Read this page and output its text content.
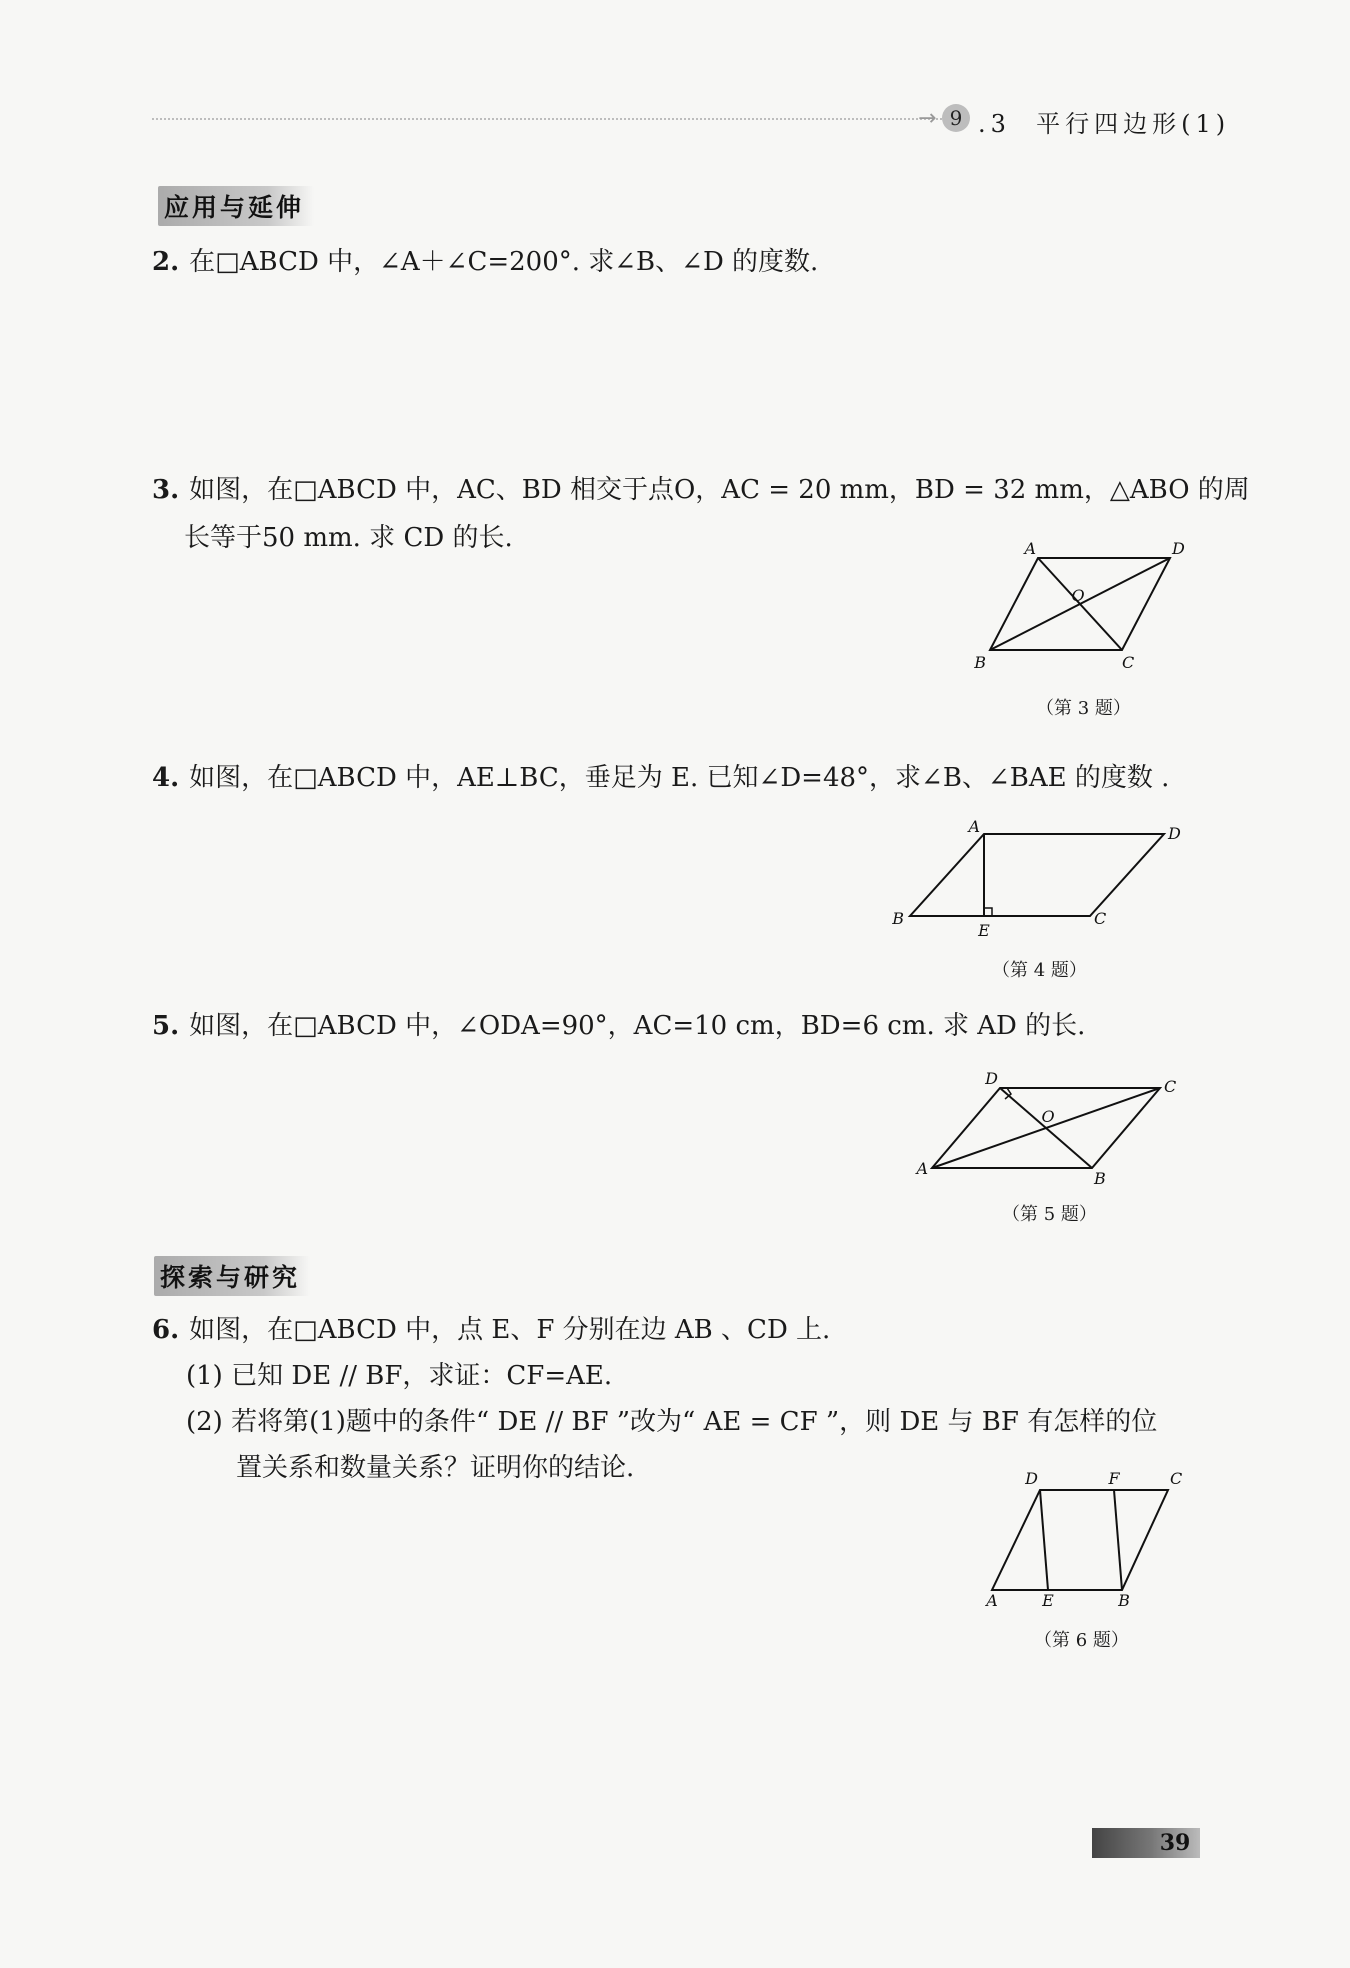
→ 9 .3 平行四边形(1)
应用与延伸
2. 在□ABCD 中，∠A＋∠C=200°. 求∠B、∠D 的度数.
3. 如图，在□ABCD 中，AC、BD 相交于点O，AC = 20 mm，BD = 32 mm，△ABO 的周
长等于50 mm. 求 CD 的长.	A	D
B	C
O
（第 3 题）
4. 如图，在□ABCD 中，AE⊥BC，垂足为 E. 已知∠D=48°，求∠B、∠BAE 的度数 .
A	D
B	C
E
（第 4 题）
5. 如图，在□ABCD 中，∠ODA=90°，AC=10 cm，BD=6 cm. 求 AD 的长.
D	C
A
B
O
（第 5 题）
探索与研究
6. 如图，在□ABCD 中，点 E、F 分别在边 AB 、CD 上.
(1) 已知 DE // BF，求证：CF=AE.
(2) 若将第(1)题中的条件“ DE // BF ”改为“ AE = CF ”，则 DE 与 BF 有怎样的位
置关系和数量关系？证明你的结论.	D	F	C
A	E	B
（第 6 题）
39
